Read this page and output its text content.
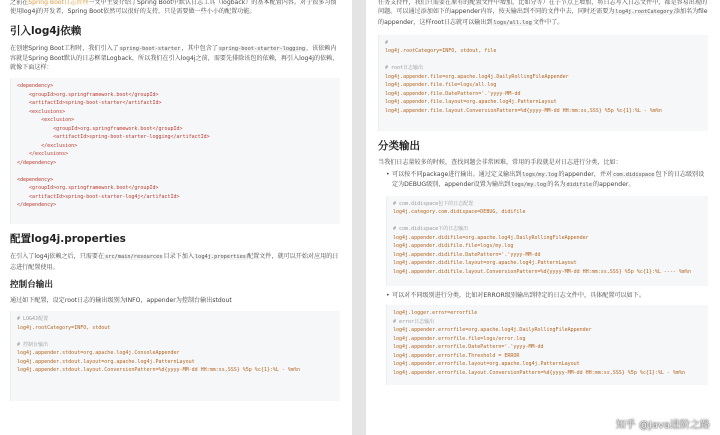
之前在Spring Boot日志管理一文中主要介绍了Spring Boot中默认日志工具（logback）的基本配置内容。对于很多习惯使用log4j的开发者，Spring Boot依然可以很好的支持，只是需要做一些小小的配置功能。

引入log4j依赖

在创建Spring Boot工程时，我们引入了spring-boot-starter，其中包含了spring-boot-starter-logging，该依赖内容就是Spring Boot默认的日志框架Logback，所以我们在引入log4j之前，需要先排除该包的依赖，再引入log4j的依赖，就像下面这样：

<dependency>
<groupId>org.springframework.boot</groupId>
<artifactId>spring-boot-starter</artifactId>
<exclusions>
<exclusion>
<groupId>org.springframework.boot</groupId>
<artifactId>spring-boot-starter-logging</artifactId>
</exclusion>
</exclusions>
</dependency>

<dependency>
<groupId>org.springframework.boot</groupId>
<artifactId>spring-boot-starter-log4j</artifactId>
</dependency>
配置log4j.properties

在引入了log4j依赖之后，只需要在src/main/resources目录下加入log4j.properties配置文件，就可以开始对应用的日志进行配置使用。

控制台输出

通过如下配置，设定root日志的输出级别为INFO，appender为控制台输出stdout

# LOG4J配置
log4j.rootCategory=INFO, stdout

# 控制台输出
log4j.appender.stdout=org.apache.log4j.ConsoleAppender
log4j.appender.stdout.layout=org.apache.log4j.PatternLayout
log4j.appender.stdout.layout.ConversionPattern=%d{yyyy-MM-dd HH:mm:ss,SSS} %5p %c{1}:%L - %m%n

任务支持件，我们只需要在原有的配置文件中增加，比如分等）在子节点上增加，将日志写入日志文件中，都是容易出现的问题。可以通过添加如下的appender内容，按天输出到不同的文件中去，同时还需要为log4j.rootCategory添加名为file的appender，这样root日志就可以输出到logs/all.log文件中了。

#
log4j.rootCategory=INFO, stdout, file

# root日志输出
log4j.appender.file=org.apache.log4j.DailyRollingFileAppender
log4j.appender.file.file=logs/all.log
log4j.appender.file.DatePattern='.'yyyy-MM-dd
log4j.appender.file.layout=org.apache.log4j.PatternLayout
log4j.appender.file.layout.ConversionPattern=%d{yyyy-MM-dd HH:mm:ss,SSS} %5p %c{1}:%L - %m%n
分类输出

当我们日志量较多的时候，查找问题会非常困难，常用的手段就是对日志进行分类，比如：

• 可以按不同package进行输出。通过定义输出到logs/my.log的appender，并对com.didispace包下的日志级别设定为DEBUG级别，appender设置为输出到logs/my.log的名为didifile的appender。
# com.didispace包下的日志配置
log4j.category.com.didispace=DEBUG, didifile

# com.didispace下的日志输出
log4j.appender.didifile=org.apache.log4j.DailyRollingFileAppender
log4j.appender.didifile.file=logs/my.log
log4j.appender.didifile.DatePattern='.'yyyy-MM-dd
log4j.appender.didifile.layout=org.apache.log4j.PatternLayout
log4j.appender.didifile.layout.ConversionPattern=%d{yyyy-MM-dd HH:mm:ss,SSS} %5p %c{1}:%L ---- %m%n
• 可以对不同级别进行分类，比如对ERROR级别输出到特定的日志文件中，具体配置可以如下。
log4j.logger.error=errorfile
# error日志输出
log4j.appender.errorfile=org.apache.log4j.DailyRollingFileAppender
log4j.appender.errorfile.file=logs/error.log
log4j.appender.errorfile.DatePattern='.'yyyy-MM-dd
log4j.appender.errorfile.Threshold = ERROR
log4j.appender.errorfile.layout=org.apache.log4j.PatternLayout
log4j.appender.errorfile.layout.ConversionPattern=%d{yyyy-MM-dd HH:mm:ss,SSS} %5p %c{1}:%L - %m%n
知乎 @Java进阶之路
